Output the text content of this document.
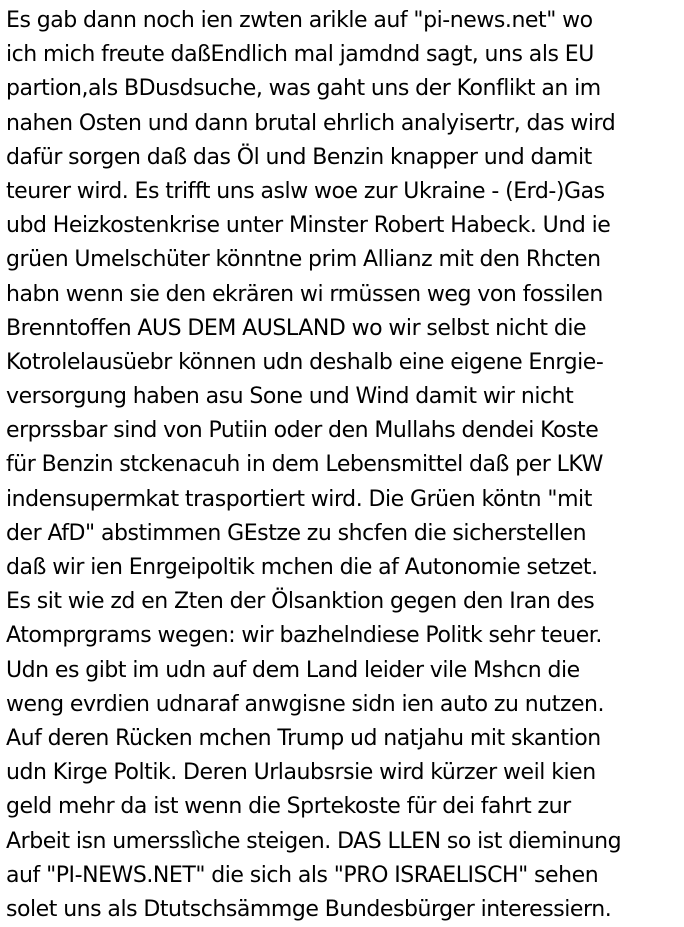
Es gab dann noch ien zwten arikle auf "pi-news.net" wo
ich mich freute daßEndlich mal jamdnd sagt, uns als EU
partion,als BDusdsuche, was gaht uns der Konflikt an im
nahen Osten und dann brutal ehrlich analyisertr, das wird
dafür sorgen daß das Öl und Benzin knapper und damit
teurer wird. Es trifft uns aslw woe zur Ukraine - (Erd-)Gas
ubd Heizkostenkrise unter Minster Robert Habeck. Und ie
grüen Umelschüter könntne prim Allianz mit den Rhcten
habn wenn sie den ekrären wi rmüssen weg von fossilen
Brenntoffen AUS DEM AUSLAND wo wir selbst nicht die
Kotrolelausüebr können udn deshalb eine eigene Enrgie-
versorgung haben asu Sone und Wind damit wir nicht
erprssbar sind von Putiin oder den Mullahs dendei Koste
für Benzin stckenacuh in dem Lebensmittel daß per LKW
indensupermkat trasportiert wird. Die Grüen köntn "mit
der AfD" abstimmen GEstze zu shcfen die sicherstellen
daß wir ien Enrgeipoltik mchen die af Autonomie setzet.
Es sit wie zd en Zten der Ölsanktion gegen den Iran des
Atomprgrams wegen: wir bazhelndiese Politk sehr teuer.
Udn es gibt im udn auf dem Land leider vile Mshcn die
weng evrdien udnaraf anwgisne sidn ien auto zu nutzen.
Auf deren Rücken mchen Trump ud natjahu mit skantion
udn Kirge Poltik. Deren Urlaubsrsie wird kürzer weil kien
geld mehr da ist wenn die Sprtekoste für dei fahrt zur
Arbeit isn umersslìche steigen. DAS LLEN so ist dieminung
auf "PI-NEWS.NET" die sich als "PRO ISRAELISCH" sehen
solet uns als Dtutschsämmge Bundesbürger interessiern.
